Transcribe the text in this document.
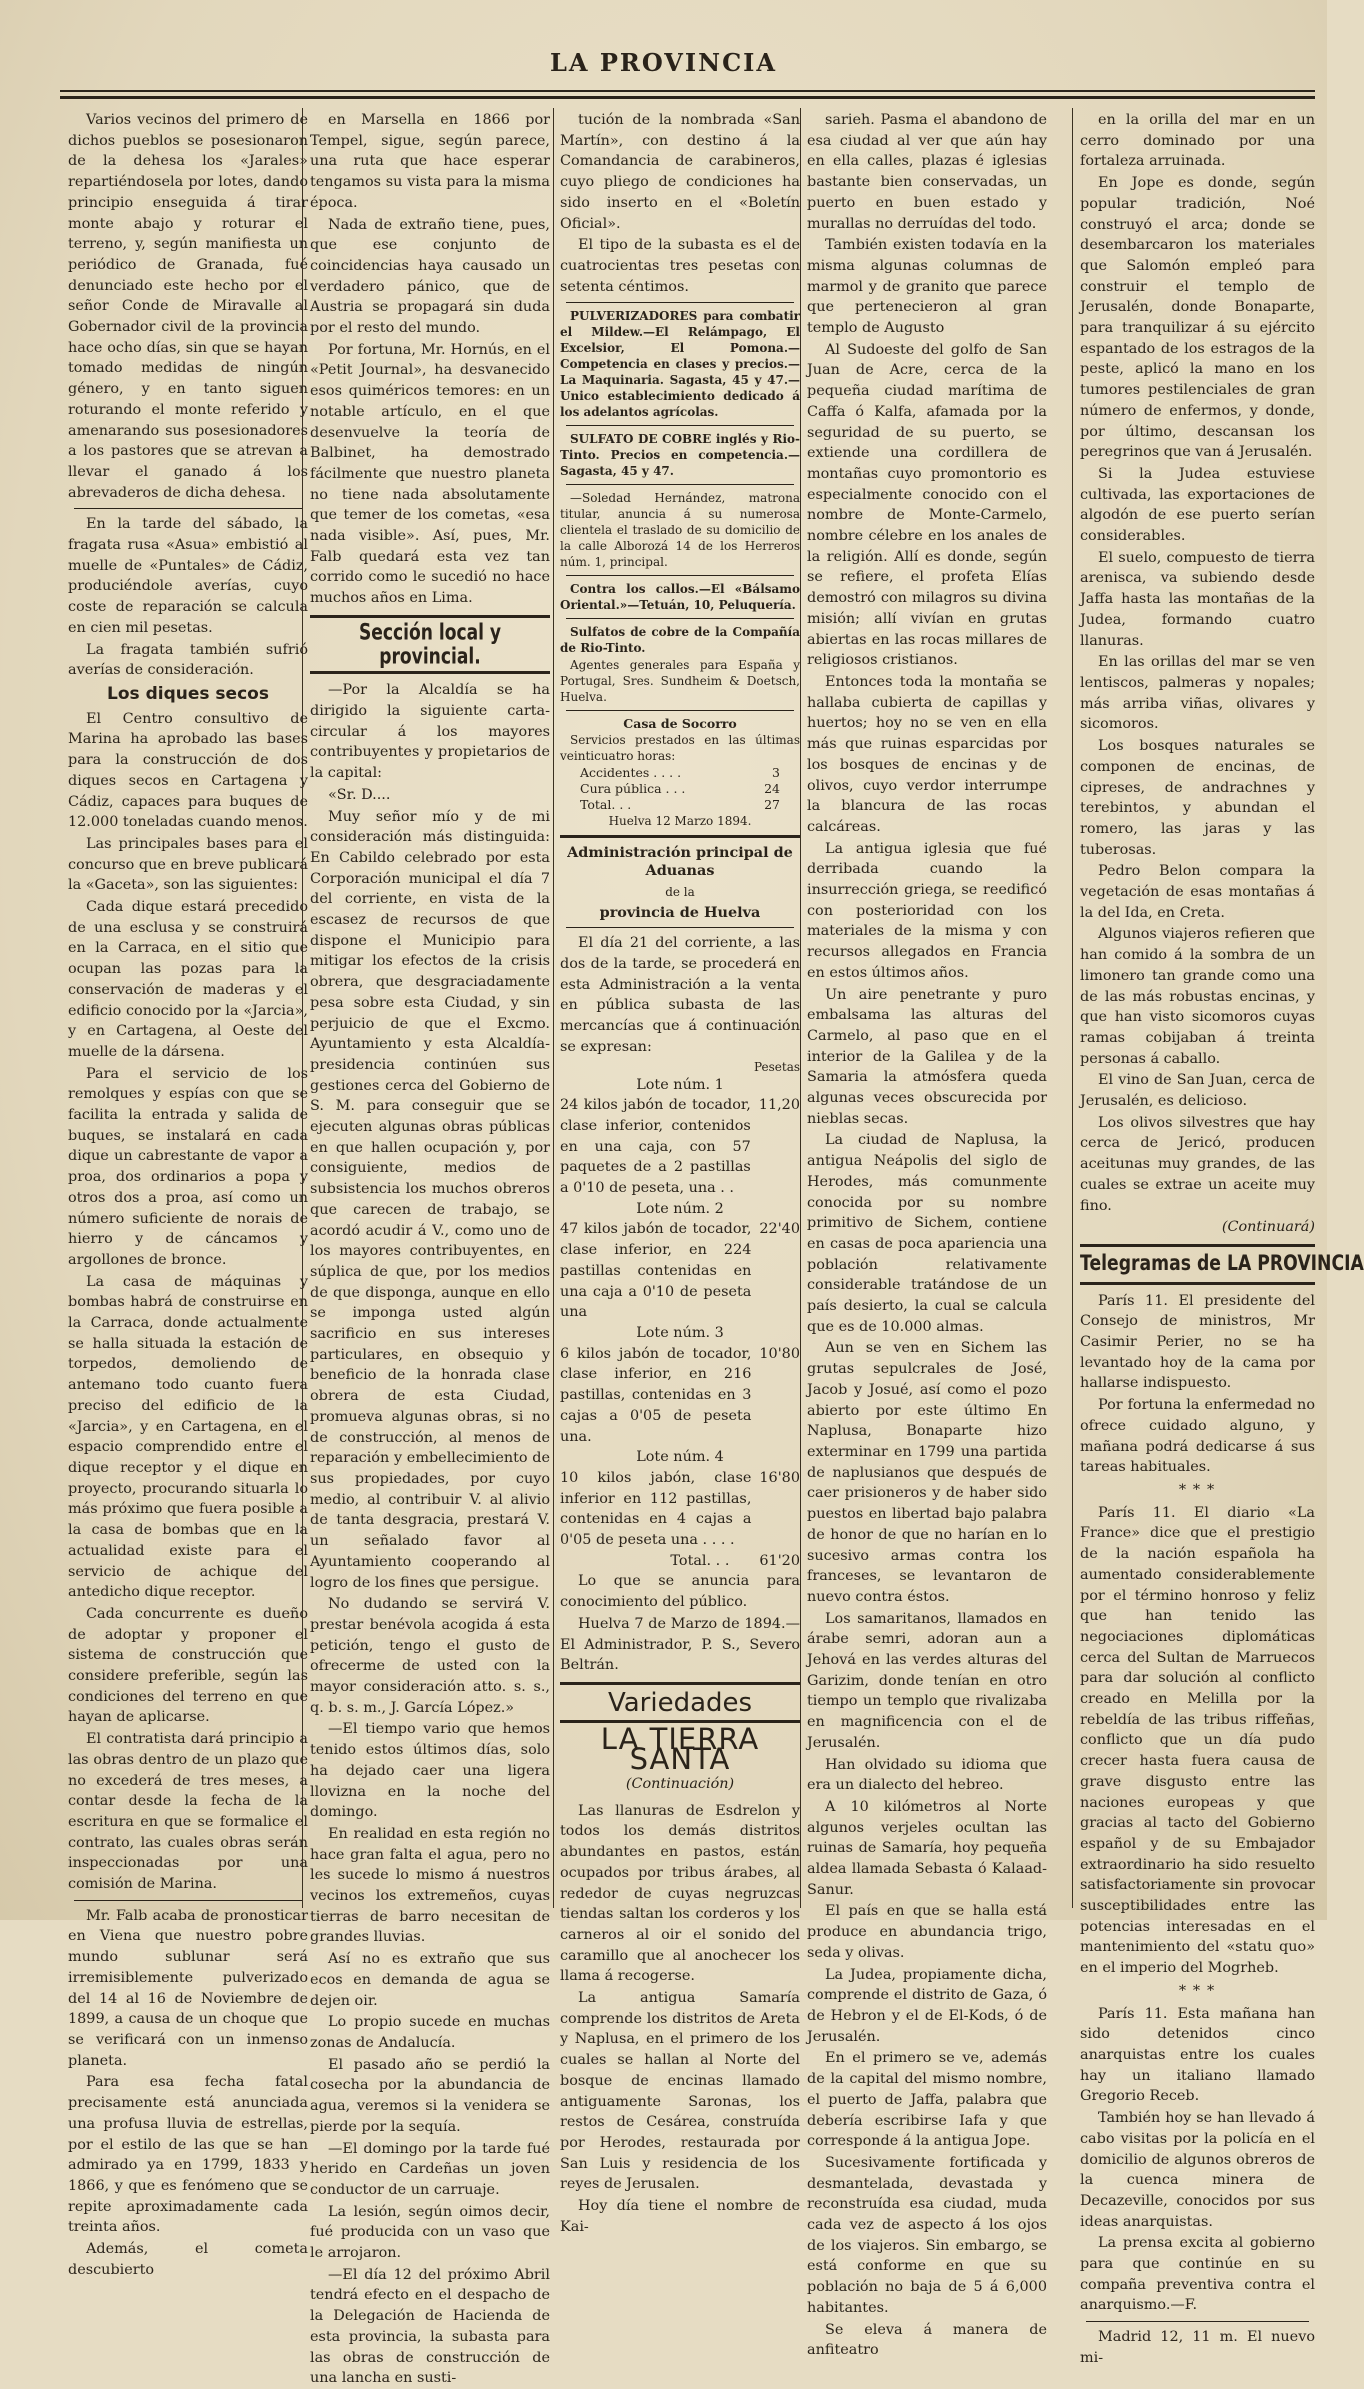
LA PROVINCIA

Varios vecinos del primero de dichos pueblos se posesionaron de la dehesa los «Jarales» repartiéndosela por lotes, dando principio enseguida á tirar monte abajo y roturar el terreno, y, según manifiesta un periódico de Granada, fué denunciado este hecho por el señor Conde de Miravalle al Gobernador civil de la provincia hace ocho días, sin que se hayan tomado medidas de ningún género, y en tanto siguen roturando el monte referido y amenarando sus posesionadores a los pastores que se atrevan a llevar el ganado á los abrevaderos de dicha dehesa.

En la tarde del sábado, la fragata rusa «Asua» embistió al muelle de «Puntales» de Cádiz, produciéndole averías, cuyo coste de reparación se calcula en cien mil pesetas.

La fragata también sufrió averías de consideración.

Los diques secos

El Centro consultivo de Marina ha aprobado las bases para la construcción de dos diques secos en Cartagena y Cádiz, capaces para buques de 12.000 toneladas cuando menos.

Las principales bases para el concurso que en breve publicará la «Gaceta», son las siguientes:

Cada dique estará precedido de una esclusa y se construirá en la Carraca, en el sitio que ocupan las pozas para la conservación de maderas y el edificio conocido por la «Jarcia», y en Cartagena, al Oeste del muelle de la dársena.

Para el servicio de los remolques y espías con que se facilita la entrada y salida de buques, se instalará en cada dique un cabrestante de vapor a proa, dos ordinarios a popa y otros dos a proa, así como un número suficiente de norais de hierro y de cáncamos y argollones de bronce.

La casa de máquinas y bombas habrá de construirse en la Carraca, donde actualmente se halla situada la estación de torpedos, demoliendo de antemano todo cuanto fuera preciso del edificio de la «Jarcia», y en Cartagena, en el espacio comprendido entre el dique receptor y el dique en proyecto, procurando situarla lo más próximo que fuera posible a la casa de bombas que en la actualidad existe para el servicio de achique del antedicho dique receptor.

Cada concurrente es dueño de adoptar y proponer el sistema de construcción que considere preferible, según las condiciones del terreno en que hayan de aplicarse.

El contratista dará principio a las obras dentro de un plazo que no excederá de tres meses, a contar desde la fecha de la escritura en que se formalice el contrato, las cuales obras serán inspeccionadas por una comisión de Marina.

Mr. Falb acaba de pronosticar en Viena que nuestro pobre mundo sublunar será irremisiblemente pulverizado del 14 al 16 de Noviembre de 1899, a causa de un choque que se verificará con un inmenso planeta.

Para esa fecha fatal precisamente está anunciada una profusa lluvia de estrellas, por el estilo de las que se han admirado ya en 1799, 1833 y 1866, y que es fenómeno que se repite aproximadamente cada treinta años.

Además, el cometa descubierto

en Marsella en 1866 por Tempel, sigue, según parece, una ruta que hace esperar tengamos su vista para la misma época.

Nada de extraño tiene, pues, que ese conjunto de coincidencias haya causado un verdadero pánico, que de Austria se propagará sin duda por el resto del mundo.

Por fortuna, Mr. Hornús, en el «Petit Journal», ha desvanecido esos quiméricos temores: en un notable artículo, en el que desenvuelve la teoría de Balbinet, ha demostrado fácilmente que nuestro planeta no tiene nada absolutamente que temer de los cometas, «esa nada visible». Así, pues, Mr. Falb quedará esta vez tan corrido como le sucedió no hace muchos años en Lima.

Sección local y provincial.

—Por la Alcaldía se ha dirigido la siguiente carta-circular á los mayores contribuyentes y propietarios de la capital:

«Sr. D....

Muy señor mío y de mi consideración más distinguida: En Cabildo celebrado por esta Corporación municipal el día 7 del corriente, en vista de la escasez de recursos de que dispone el Municipio para mitigar los efectos de la crisis obrera, que desgraciadamente pesa sobre esta Ciudad, y sin perjuicio de que el Excmo. Ayuntamiento y esta Alcaldía-presidencia continúen sus gestiones cerca del Gobierno de S. M. para conseguir que se ejecuten algunas obras públicas en que hallen ocupación y, por consiguiente, medios de subsistencia los muchos obreros que carecen de trabajo, se acordó acudir á V., como uno de los mayores contribuyentes, en súplica de que, por los medios de que disponga, aunque en ello se imponga usted algún sacrificio en sus intereses particulares, en obsequio y beneficio de la honrada clase obrera de esta Ciudad, promueva algunas obras, si no de construcción, al menos de reparación y embellecimiento de sus propiedades, por cuyo medio, al contribuir V. al alivio de tanta desgracia, prestará V. un señalado favor al Ayuntamiento cooperando al logro de los fines que persigue.

No dudando se servirá V. prestar benévola acogida á esta petición, tengo el gusto de ofrecerme de usted con la mayor consideración atto. s. s., q. b. s. m., J. García López.»

—El tiempo vario que hemos tenido estos últimos días, solo ha dejado caer una ligera llovizna en la noche del domingo.

En realidad en esta región no hace gran falta el agua, pero no les sucede lo mismo á nuestros vecinos los extremeños, cuyas tierras de barro necesitan de grandes lluvias.

Así no es extraño que sus ecos en demanda de agua se dejen oir.

Lo propio sucede en muchas zonas de Andalucía.

El pasado año se perdió la cosecha por la abundancia de agua, veremos si la venidera se pierde por la sequía.

—El domingo por la tarde fué herido en Cardeñas un joven conductor de un carruaje.

La lesión, según oimos decir, fué producida con un vaso que le arrojaron.

—El día 12 del próximo Abril tendrá efecto en el despacho de la Delegación de Hacienda de esta provincia, la subasta para las obras de construcción de una lancha en susti-

tución de la nombrada «San Martín», con destino á la Comandancia de carabineros, cuyo pliego de condiciones ha sido inserto en el «Boletín Oficial».

El tipo de la subasta es el de cuatrocientas tres pesetas con setenta céntimos.

PULVERIZADORES para combatir el Mildew.—El Relámpago, El Excelsior, El Pomona.—Competencia en clases y precios.—La Maquinaria. Sagasta, 45 y 47.—Unico establecimiento dedicado á los adelantos agrícolas.

SULFATO DE COBRE inglés y Rio-Tinto. Precios en competencia.—Sagasta, 45 y 47.

—Soledad Hernández, matrona titular, anuncia á su numerosa clientela el traslado de su domicilio de la calle Alborozá 14 de los Herreros núm. 1, principal.

Contra los callos.—El «Bálsamo Oriental.»—Tetuán, 10, Peluquería.

Sulfatos de cobre de la Compañía de Rio-Tinto.

Agentes generales para España y Portugal, Sres. Sundheim & Doetsch, Huelva.

Casa de Socorro

Servicios prestados en las últimas veinticuatro horas:

Accidentes . . . .	3
Cura pública . . .	24
Total. . .	27

Huelva 12 Marzo 1894.

Administración principal de Aduanas
de la
provincia de Huelva

El día 21 del corriente, a las dos de la tarde, se procederá en esta Administración a la venta en pública subasta de las mercancías que á continuación se expresan:

Pesetas
Lote núm. 1
24 kilos jabón de tocador, clase inferior, contenidos en una caja, con 57 paquetes de a 2 pastillas a 0'10 de peseta, una . .
11,20
Lote núm. 2
47 kilos jabón de tocador, clase inferior, en 224 pastillas contenidas en una caja a 0'10 de peseta una
22'40
Lote núm. 3
6 kilos jabón de tocador, clase inferior, en 216 pastillas, contenidas en 3 cajas a 0'05 de peseta una.
10'80
Lote núm. 4
10 kilos jabón, clase inferior en 112 pastillas, contenidas en 4 cajas a 0'05 de peseta una . . . .
16'80
Total. . . 61'20

Lo que se anuncia para conocimiento del público.

Huelva 7 de Marzo de 1894.—El Administrador, P. S., Severo Beltrán.

Variedades
LA TIERRA SANTA
(Continuación)

Las llanuras de Esdrelon y todos los demás distritos abundantes en pastos, están ocupados por tribus árabes, al rededor de cuyas negruzcas tiendas saltan los corderos y los carneros al oir el sonido del caramillo que al anochecer los llama á recogerse.

La antigua Samaría comprende los distritos de Areta y Naplusa, en el primero de los cuales se hallan al Norte del bosque de encinas llamado antiguamente Saronas, los restos de Cesárea, construída por Herodes, restaurada por San Luis y residencia de los reyes de Jerusalen.

Hoy día tiene el nombre de Kai-

sarieh. Pasma el abandono de esa ciudad al ver que aún hay en ella calles, plazas é iglesias bastante bien conservadas, un puerto en buen estado y murallas no derruídas del todo.

También existen todavía en la misma algunas columnas de marmol y de granito que parece que pertenecieron al gran templo de Augusto

Al Sudoeste del golfo de San Juan de Acre, cerca de la pequeña ciudad marítima de Caffa ó Kalfa, afamada por la seguridad de su puerto, se extiende una cordillera de montañas cuyo promontorio es especialmente conocido con el nombre de Monte-Carmelo, nombre célebre en los anales de la religión. Allí es donde, según se refiere, el profeta Elías demostró con milagros su divina misión; allí vivían en grutas abiertas en las rocas millares de religiosos cristianos.

Entonces toda la montaña se hallaba cubierta de capillas y huertos; hoy no se ven en ella más que ruinas esparcidas por los bosques de encinas y de olivos, cuyo verdor interrumpe la blancura de las rocas calcáreas.

La antigua iglesia que fué derribada cuando la insurrección griega, se reedificó con posterioridad con los materiales de la misma y con recursos allegados en Francia en estos últimos años.

Un aire penetrante y puro embalsama las alturas del Carmelo, al paso que en el interior de la Galilea y de la Samaria la atmósfera queda algunas veces obscurecida por nieblas secas.

La ciudad de Naplusa, la antigua Neápolis del siglo de Herodes, más comunmente conocida por su nombre primitivo de Sichem, contiene en casas de poca apariencia una población relativamente considerable tratándose de un país desierto, la cual se calcula que es de 10.000 almas.

Aun se ven en Sichem las grutas sepulcrales de José, Jacob y Josué, así como el pozo abierto por este último En Naplusa, Bonaparte hizo exterminar en 1799 una partida de naplusianos que después de caer prisioneros y de haber sido puestos en libertad bajo palabra de honor de que no harían en lo sucesivo armas contra los franceses, se levantaron de nuevo contra éstos.

Los samaritanos, llamados en árabe semri, adoran aun a Jehová en las verdes alturas del Garizim, donde tenían en otro tiempo un templo que rivalizaba en magnificencia con el de Jerusalén.

Han olvidado su idioma que era un dialecto del hebreo.

A 10 kilómetros al Norte algunos verjeles ocultan las ruinas de Samaría, hoy pequeña aldea llamada Sebasta ó Kalaad-Sanur.

El país en que se halla está produce en abundancia trigo, seda y olivas.

La Judea, propiamente dicha, comprende el distrito de Gaza, ó de Hebron y el de El-Kods, ó de Jerusalén.

En el primero se ve, además de la capital del mismo nombre, el puerto de Jaffa, palabra que debería escribirse Iafa y que corresponde á la antigua Jope.

Sucesivamente fortificada y desmantelada, devastada y reconstruída esa ciudad, muda cada vez de aspecto á los ojos de los viajeros. Sin embargo, se está conforme en que su población no baja de 5 á 6,000 habitantes.

Se eleva á manera de anfiteatro

en la orilla del mar en un cerro dominado por una fortaleza arruinada.

En Jope es donde, según popular tradición, Noé construyó el arca; donde se desembarcaron los materiales que Salomón empleó para construir el templo de Jerusalén, donde Bonaparte, para tranquilizar á su ejército espantado de los estragos de la peste, aplicó la mano en los tumores pestilenciales de gran número de enfermos, y donde, por último, descansan los peregrinos que van á Jerusalén.

Si la Judea estuviese cultivada, las exportaciones de algodón de ese puerto serían considerables.

El suelo, compuesto de tierra arenisca, va subiendo desde Jaffa hasta las montañas de la Judea, formando cuatro llanuras.

En las orillas del mar se ven lentiscos, palmeras y nopales; más arriba viñas, olivares y sicomoros.

Los bosques naturales se componen de encinas, de cipreses, de andrachnes y terebintos, y abundan el romero, las jaras y las tuberosas.

Pedro Belon compara la vegetación de esas montañas á la del Ida, en Creta.

Algunos viajeros refieren que han comido á la sombra de un limonero tan grande como una de las más robustas encinas, y que han visto sicomoros cuyas ramas cobijaban á treinta personas á caballo.

El vino de San Juan, cerca de Jerusalén, es delicioso.

Los olivos silvestres que hay cerca de Jericó, producen aceitunas muy grandes, de las cuales se extrae un aceite muy fino.

(Continuará)
Telegramas de LA PROVINCIA

París 11. El presidente del Consejo de ministros, Mr Casimir Perier, no se ha levantado hoy de la cama por hallarse indispuesto.

Por fortuna la enfermedad no ofrece cuidado alguno, y mañana podrá dedicarse á sus tareas habituales.

* * *

París 11. El diario «La France» dice que el prestigio de la nación española ha aumentado considerablemente por el término honroso y feliz que han tenido las negociaciones diplomáticas cerca del Sultan de Marruecos para dar solución al conflicto creado en Melilla por la rebeldía de las tribus riffeñas, conflicto que un día pudo crecer hasta fuera causa de grave disgusto entre las naciones europeas y que gracias al tacto del Gobierno español y de su Embajador extraordinario ha sido resuelto satisfactoriamente sin provocar susceptibilidades entre las potencias interesadas en el mantenimiento del «statu quo» en el imperio del Mogrheb.

* * *

París 11. Esta mañana han sido detenidos cinco anarquistas entre los cuales hay un italiano llamado Gregorio Receb.

También hoy se han llevado á cabo visitas por la policía en el domicilio de algunos obreros de la cuenca minera de Decazeville, conocidos por sus ideas anarquistas.

La prensa excita al gobierno para que continúe en su compaña preventiva contra el anarquismo.—F.

Madrid 12, 11 m. El nuevo mi-
